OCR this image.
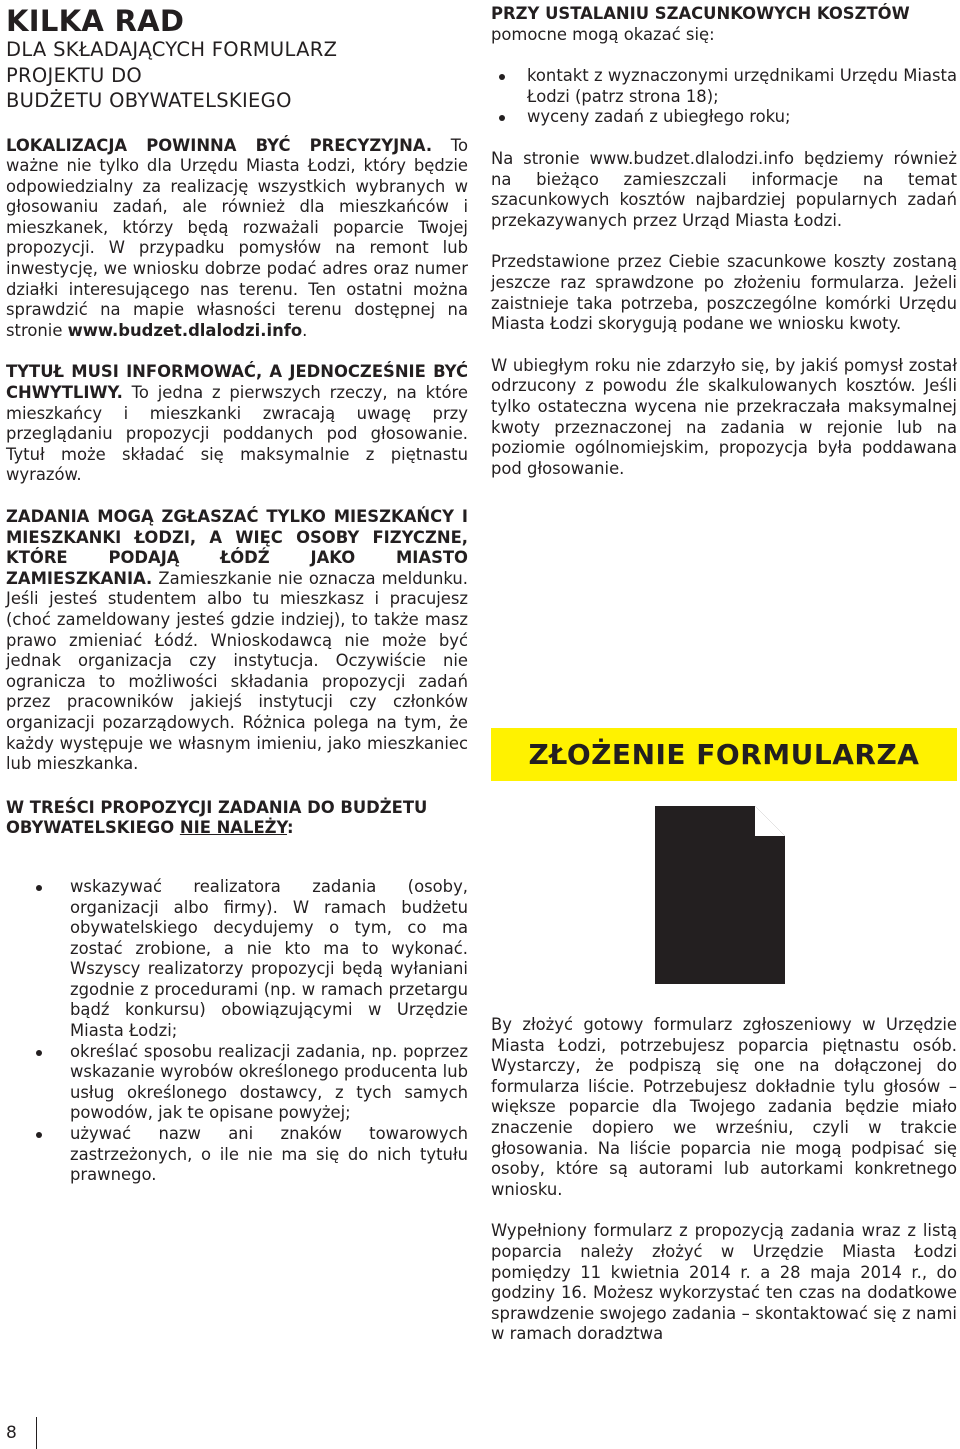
KILKA RAD
DLA SKŁADAJĄCYCH FORMULARZ
PROJEKTU DO
BUDŻETU OBYWATELSKIEGO

LOKALIZACJA POWINNA BYĆ PRECYZYJNA. To ważne nie tylko dla Urzędu Miasta Łodzi, który będzie odpowiedzialny za realizację wszystkich wybranych w głosowaniu zadań, ale również dla mieszkańców i mieszkanek, którzy będą rozważali poparcie Twojej propozycji. W przypadku pomysłów na remont lub inwestycję, we wniosku dobrze podać adres oraz numer działki interesującego nas terenu. Ten ostatni można sprawdzić na mapie własności terenu dostępnej na stronie www.budzet.dlalodzi.info.

TYTUŁ MUSI INFORMOWAĆ, A JEDNOCZEŚNIE BYĆ CHWYTLIWY. To jedna z pierwszych rzeczy, na które mieszkańcy i mieszkanki zwracają uwagę przy przeglądaniu propozycji poddanych pod głosowanie. Tytuł może składać się maksymalnie z piętnastu wyrazów.

ZADANIA MOGĄ ZGŁASZAĆ TYLKO MIESZKAŃCY I MIESZKANKI ŁODZI, A WIĘC OSOBY FIZYCZNE, KTÓRE PODAJĄ ŁÓDŹ JAKO MIASTO ZAMIESZKANIA. Zamieszkanie nie oznacza meldunku. Jeśli jesteś studentem albo tu mieszkasz i pracujesz (choć zameldowany jesteś gdzie indziej), to także masz prawo zmieniać Łódź. Wnioskodawcą nie może być jednak organizacja czy instytucja. Oczywiście nie ogranicza to możliwości składania propozycji zadań przez pracowników jakiejś instytucji czy członków organizacji pozarządowych. Różnica polega na tym, że każdy występuje we własnym imieniu, jako mieszkaniec lub mieszkanka.

W TREŚCI PROPOZYCJI ZADANIA DO BUDŻETU OBYWATELSKIEGO NIE NALEŻY:

wskazywać realizatora zadania (osoby, organizacji albo firmy). W ramach budżetu obywatelskiego decydujemy o tym, co ma zostać zrobione, a nie kto ma to wykonać. Wszyscy realizatorzy propozycji będą wyłaniani zgodnie z procedurami (np. w ramach przetargu bądź konkursu) obowiązującymi w Urzędzie Miasta Łodzi;
określać sposobu realizacji zadania, np. poprzez wskazanie wyrobów określonego producenta lub usług określonego dostawcy, z tych samych powodów, jak te opisane powyżej;
używać nazw ani znaków towarowych zastrzeżonych, o ile nie ma się do nich tytułu prawnego.

PRZY USTALANIU SZACUNKOWYCH KOSZTÓW

pomocne mogą okazać się:

kontakt z wyznaczonymi urzędnikami Urzędu Miasta Łodzi (patrz strona 18);
wyceny zadań z ubiegłego roku;

Na stronie www.budzet.dlalodzi.info będziemy również na bieżąco zamieszczali informacje na temat szacunkowych kosztów najbardziej popularnych zadań przekazywanych przez Urząd Miasta Łodzi.

Przedstawione przez Ciebie szacunkowe koszty zostaną jeszcze raz sprawdzone po złożeniu formularza. Jeżeli zaistnieje taka potrzeba, poszczególne komórki Urzędu Miasta Łodzi skorygują podane we wniosku kwoty.

W ubiegłym roku nie zdarzyło się, by jakiś pomysł został odrzucony z powodu źle skalkulowanych kosztów. Jeśli tylko ostateczna wycena nie przekraczała maksymalnej kwoty przeznaczonej na zadania w rejonie lub na poziomie ogólnomiejskim, propozycja była poddawana pod głosowanie.

ZŁOŻENIE FORMULARZA

By złożyć gotowy formularz zgłoszeniowy w Urzędzie Miasta Łodzi, potrzebujesz poparcia piętnastu osób. Wystarczy, że podpiszą się one na dołączonej do formularza liście. Potrzebujesz dokładnie tylu głosów – większe poparcie dla Twojego zadania będzie miało znaczenie dopiero we wrześniu, czyli w trakcie głosowania. Na liście poparcia nie mogą podpisać się osoby, które są autorami lub autorkami konkretnego wniosku.

Wypełniony formularz z propozycją zadania wraz z listą poparcia należy złożyć w Urzędzie Miasta Łodzi pomiędzy 11 kwietnia 2014 r. a 28 maja 2014 r., do godziny 16. Możesz wykorzystać ten czas na dodatkowe sprawdzenie swojego zadania – skontaktować się z nami w ramach doradztwa

8
